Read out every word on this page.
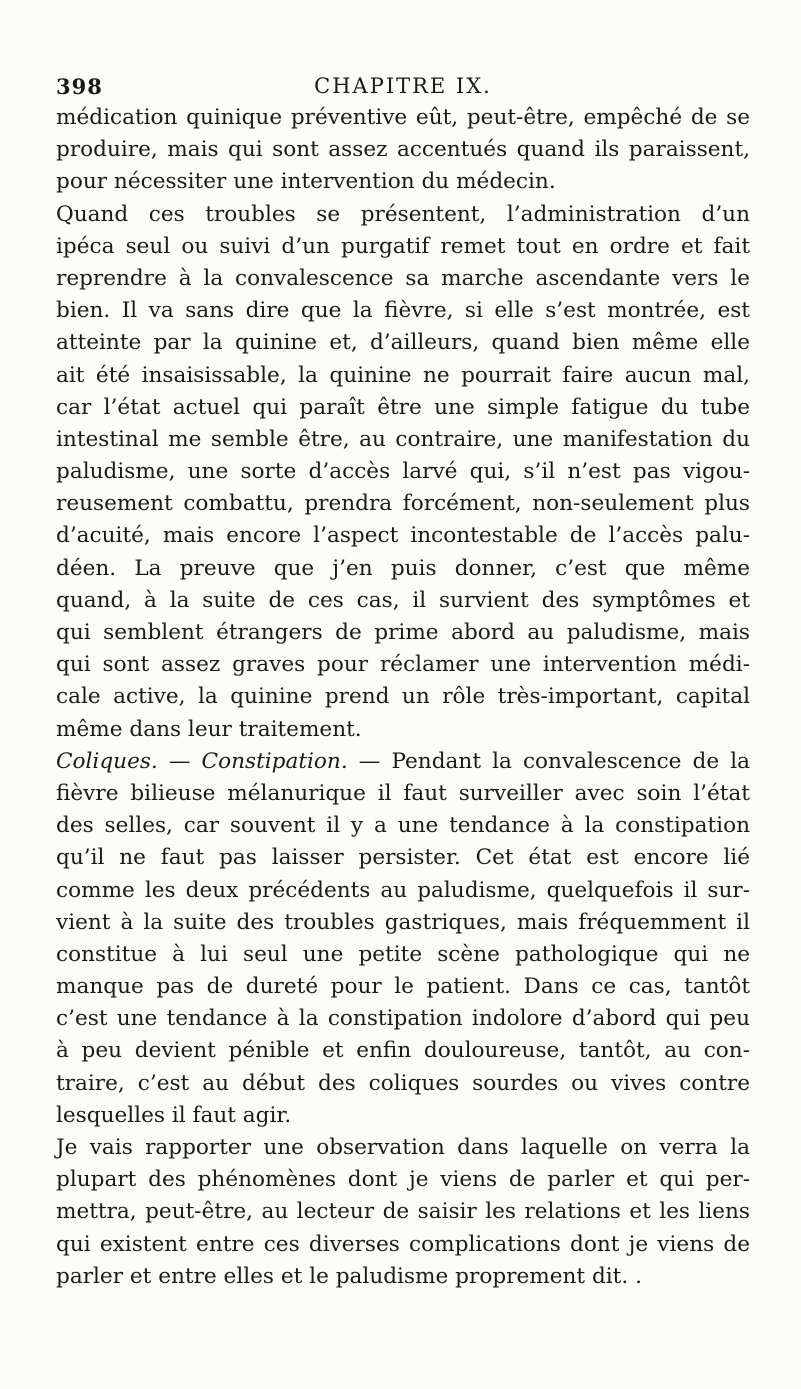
398	CHAPITRE IX.
médication quinique préventive eût, peut-être, empêché de se
produire, mais qui sont assez accentués quand ils paraissent,
pour nécessiter une intervention du médecin.
Quand ces troubles se présentent, l’administration d’un
ipéca seul ou suivi d’un purgatif remet tout en ordre et fait
reprendre à la convalescence sa marche ascendante vers le
bien. Il va sans dire que la fièvre, si elle s’est montrée, est
atteinte par la quinine et, d’ailleurs, quand bien même elle
ait été insaisissable, la quinine ne pourrait faire aucun mal,
car l’état actuel qui paraît être une simple fatigue du tube
intestinal me semble être, au contraire, une manifestation du
paludisme, une sorte d’accès larvé qui, s’il n’est pas vigou-
reusement combattu, prendra forcément, non-seulement plus
d’acuité, mais encore l’aspect incontestable de l’accès palu-
déen. La preuve que j’en puis donner, c’est que même
quand, à la suite de ces cas, il survient des symptômes et
qui semblent étrangers de prime abord au paludisme, mais
qui sont assez graves pour réclamer une intervention médi-
cale active, la quinine prend un rôle très-important, capital
même dans leur traitement.
Coliques. — Constipation. — Pendant la convalescence de la
fièvre bilieuse mélanurique il faut surveiller avec soin l’état
des selles, car souvent il y a une tendance à la constipation
qu’il ne faut pas laisser persister. Cet état est encore lié
comme les deux précédents au paludisme, quelquefois il sur-
vient à la suite des troubles gastriques, mais fréquemment il
constitue à lui seul une petite scène pathologique qui ne
manque pas de dureté pour le patient. Dans ce cas, tantôt
c’est une tendance à la constipation indolore d’abord qui peu
à peu devient pénible et enfin douloureuse, tantôt, au con-
traire, c’est au début des coliques sourdes ou vives contre
lesquelles il faut agir.
Je vais rapporter une observation dans laquelle on verra la
plupart des phénomènes dont je viens de parler et qui per-
mettra, peut-être, au lecteur de saisir les relations et les liens
qui existent entre ces diverses complications dont je viens de
parler et entre elles et le paludisme proprement dit. .
